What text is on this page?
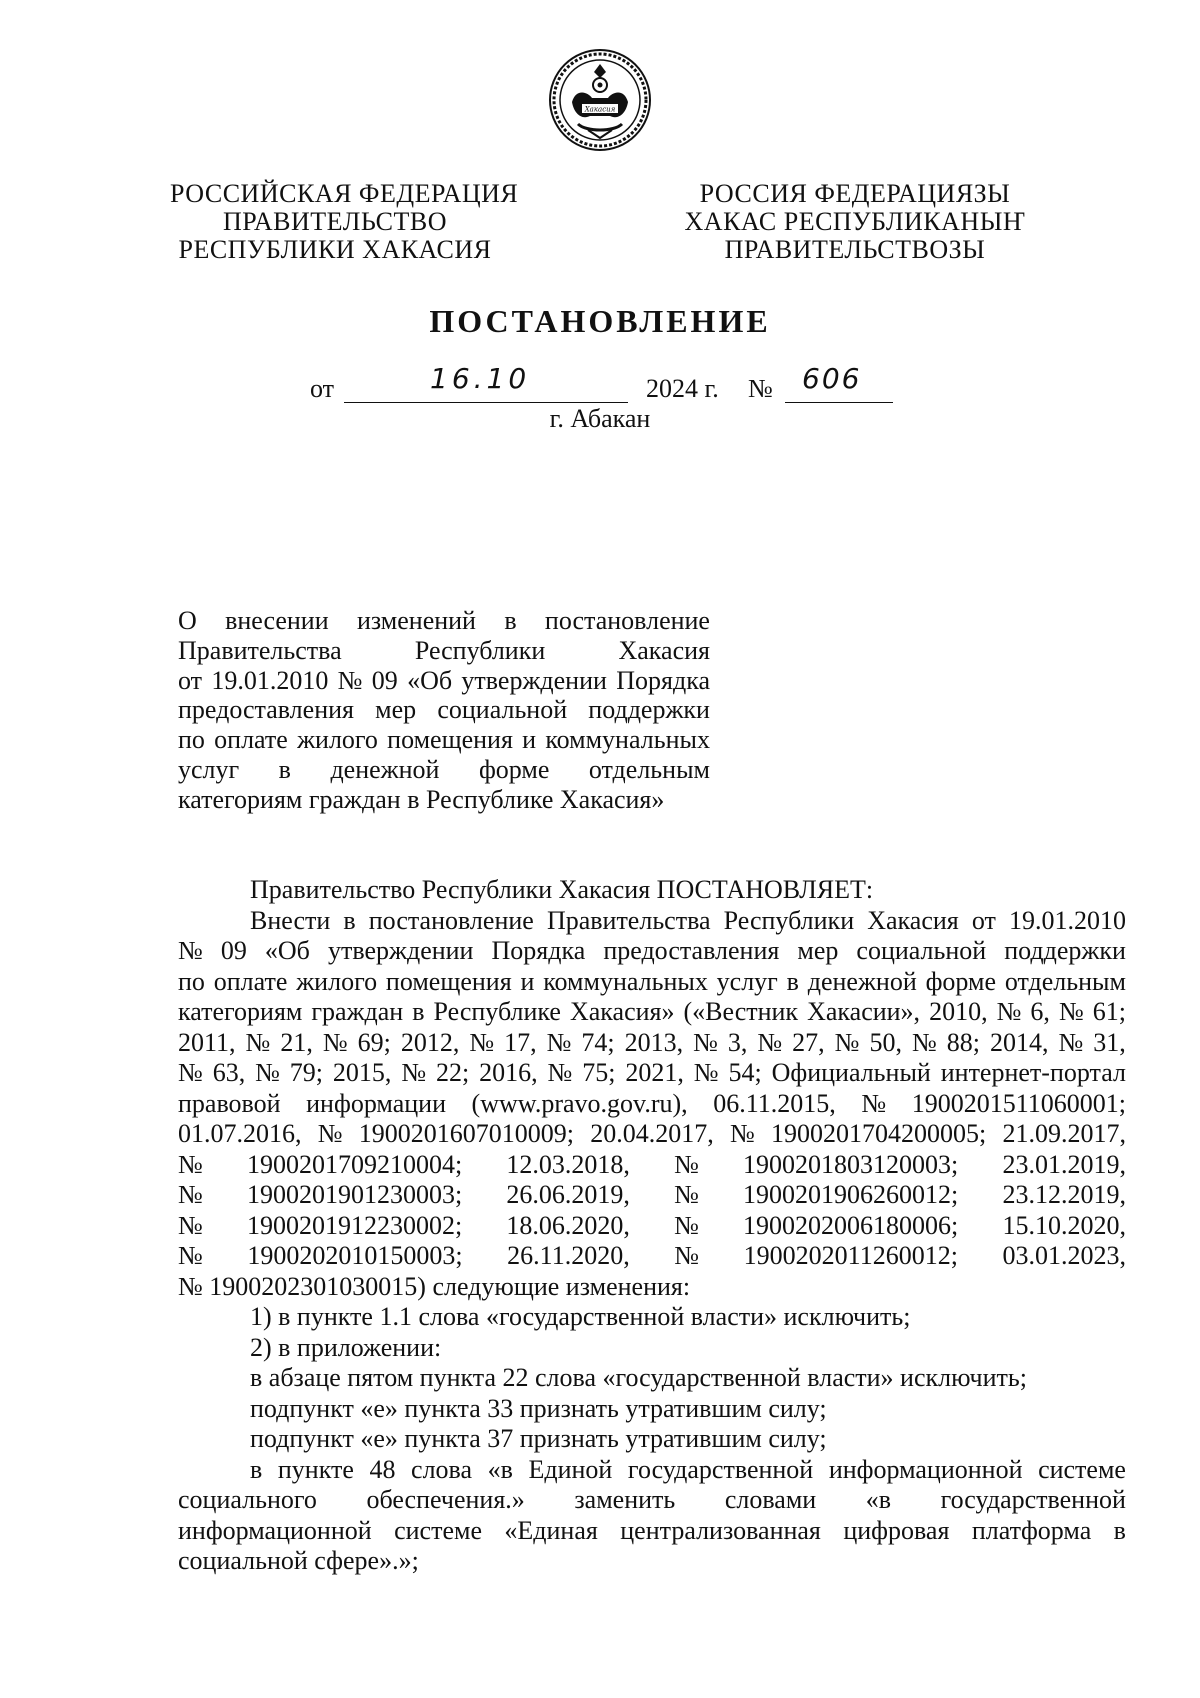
Хакасия
РОССИЙСКАЯ ФЕДЕРАЦИЯ
ПРАВИТЕЛЬСТВО
РЕСПУБЛИКИ ХАКАСИЯ
РОССИЯ ФЕДЕРАЦИЯЗЫ
ХАКАС РЕСПУБЛИКАНЫҤ
ПРАВИТЕЛЬСТВОЗЫ
ПОСТАНОВЛЕНИЕ
от	16.10	2024 г. № 606
г. Абакан
О внесении изменений в постановление
Правительства	Республики	Хакасия
от 19.01.2010 № 09 «Об утверждении Порядка
предоставления мер социальной поддержки
по оплате жилого помещения и коммунальных
услуг в денежной форме отдельным
категориям граждан в Республике Хакасия»
Правительство Республики Хакасия ПОСТАНОВЛЯЕТ:
Внести в постановление Правительства Республики Хакасия от 19.01.2010
№ 09 «Об утверждении Порядка предоставления мер социальной поддержки
по оплате жилого помещения и коммунальных услуг в денежной форме отдельным
категориям граждан в Республике Хакасия» («Вестник Хакасии», 2010, № 6, № 61;
2011, № 21, № 69; 2012, № 17, № 74; 2013, № 3, № 27, № 50, № 88; 2014, № 31,
№ 63, № 79; 2015, № 22; 2016, № 75; 2021, № 54; Официальный интернет-портал
правовой информации (www.pravo.gov.ru), 06.11.2015, № 1900201511060001;
01.07.2016, № 1900201607010009; 20.04.2017, № 1900201704200005; 21.09.2017,
№ 1900201709210004; 12.03.2018, № 1900201803120003; 23.01.2019,
№ 1900201901230003; 26.06.2019, № 1900201906260012; 23.12.2019,
№ 1900201912230002; 18.06.2020, № 1900202006180006; 15.10.2020,
№ 1900202010150003; 26.11.2020, № 1900202011260012; 03.01.2023,
№ 1900202301030015) следующие изменения:
1) в пункте 1.1 слова «государственной власти» исключить;
2) в приложении:
в абзаце пятом пункта 22 слова «государственной власти» исключить;
подпункт «е» пункта 33 признать утратившим силу;
подпункт «е» пункта 37 признать утратившим силу;
в пункте 48 слова «в Единой государственной информационной системе
социального обеспечения.» заменить словами «в государственной
информационной системе «Единая централизованная цифровая платформа в
социальной сфере».»;
